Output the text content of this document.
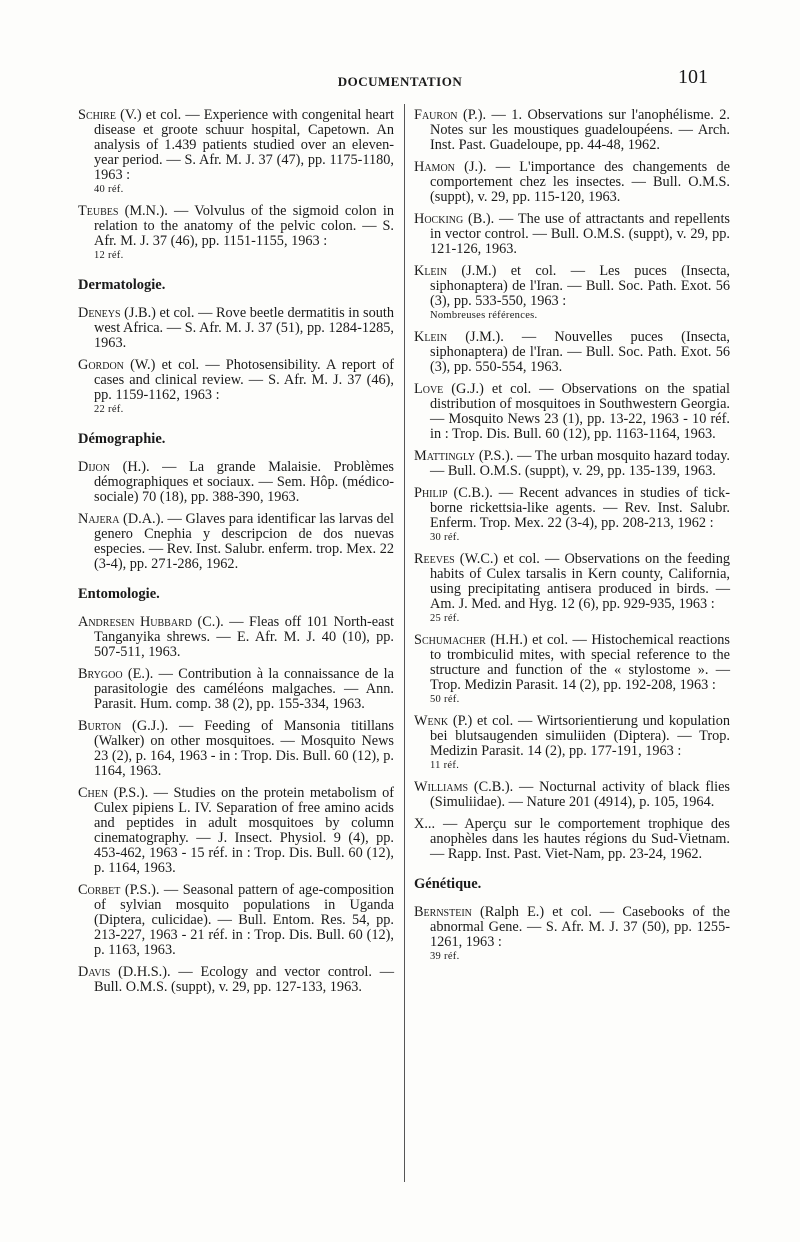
DOCUMENTATION	101
Schire (V.) et col. — Experience with congenital heart disease et groote schuur hospital, Capetown. An analysis of 1.439 patients studied over an eleven-year period. — S. Afr. M. J. 37 (47), pp. 1175-1180, 1963 :
40 réf.
Teubes (M.N.). — Volvulus of the sigmoid colon in relation to the anatomy of the pelvic colon. — S. Afr. M. J. 37 (46), pp. 1151-1155, 1963 :
12 réf.
Dermatologie.
Deneys (J.B.) et col. — Rove beetle dermatitis in south west Africa. — S. Afr. M. J. 37 (51), pp. 1284-1285, 1963.
Gordon (W.) et col. — Photosensibility. A report of cases and clinical review. — S. Afr. M. J. 37 (46), pp. 1159-1162, 1963 :
22 réf.
Démographie.
Dijon (H.). — La grande Malaisie. Problèmes démographiques et sociaux. — Sem. Hôp. (médico-sociale) 70 (18), pp. 388-390, 1963.
Najera (D.A.). — Glaves para identificar las larvas del genero Cnephia y descripcion de dos nuevas especies. — Rev. Inst. Salubr. enferm. trop. Mex. 22 (3-4), pp. 271-286, 1962.
Entomologie.
Andresen Hubbard (C.). — Fleas off 101 North-east Tanganyika shrews. — E. Afr. M. J. 40 (10), pp. 507-511, 1963.
Brygoo (E.). — Contribution à la connaissance de la parasitologie des caméléons malgaches. — Ann. Parasit. Hum. comp. 38 (2), pp. 155-334, 1963.
Burton (G.J.). — Feeding of Mansonia titillans (Walker) on other mosquitoes. — Mosquito News 23 (2), p. 164, 1963 - in : Trop. Dis. Bull. 60 (12), p. 1164, 1963.
Chen (P.S.). — Studies on the protein metabolism of Culex pipiens L. IV. Separation of free amino acids and peptides in adult mosquitoes by column cinematography. — J. Insect. Physiol. 9 (4), pp. 453-462, 1963 - 15 réf. in : Trop. Dis. Bull. 60 (12), p. 1164, 1963.
Corbet (P.S.). — Seasonal pattern of age-composition of sylvian mosquito populations in Uganda (Diptera, culicidae). — Bull. Entom. Res. 54, pp. 213-227, 1963 - 21 réf. in : Trop. Dis. Bull. 60 (12), p. 1163, 1963.
Davis (D.H.S.). — Ecology and vector control. — Bull. O.M.S. (suppt), v. 29, pp. 127-133, 1963.
Fauron (P.). — 1. Observations sur l'anophélisme. 2. Notes sur les moustiques guadeloupéens. — Arch. Inst. Past. Guadeloupe, pp. 44-48, 1962.
Hamon (J.). — L'importance des changements de comportement chez les insectes. — Bull. O.M.S. (suppt), v. 29, pp. 115-120, 1963.
Hocking (B.). — The use of attractants and repellents in vector control. — Bull. O.M.S. (suppt), v. 29, pp. 121-126, 1963.
Klein (J.M.) et col. — Les puces (Insecta, siphonaptera) de l'Iran. — Bull. Soc. Path. Exot. 56 (3), pp. 533-550, 1963 :
Nombreuses références.
Klein (J.M.). — Nouvelles puces (Insecta, siphonaptera) de l'Iran. — Bull. Soc. Path. Exot. 56 (3), pp. 550-554, 1963.
Love (G.J.) et col. — Observations on the spatial distribution of mosquitoes in Southwestern Georgia. — Mosquito News 23 (1), pp. 13-22, 1963 - 10 réf. in : Trop. Dis. Bull. 60 (12), pp. 1163-1164, 1963.
Mattingly (P.S.). — The urban mosquito hazard today. — Bull. O.M.S. (suppt), v. 29, pp. 135-139, 1963.
Philip (C.B.). — Recent advances in studies of tick-borne rickettsia-like agents. — Rev. Inst. Salubr. Enferm. Trop. Mex. 22 (3-4), pp. 208-213, 1962 :
30 réf.
Reeves (W.C.) et col. — Observations on the feeding habits of Culex tarsalis in Kern county, California, using precipitating antisera produced in birds. — Am. J. Med. and Hyg. 12 (6), pp. 929-935, 1963 :
25 réf.
Schumacher (H.H.) et col. — Histochemical reactions to trombiculid mites, with special reference to the structure and function of the « stylostome ». — Trop. Medizin Parasit. 14 (2), pp. 192-208, 1963 :
50 réf.
Wenk (P.) et col. — Wirtsorientierung und kopulation bei blutsaugenden simuliiden (Diptera). — Trop. Medizin Parasit. 14 (2), pp. 177-191, 1963 :
11 réf.
Williams (C.B.). — Nocturnal activity of black flies (Simuliidae). — Nature 201 (4914), p. 105, 1964.
X... — Aperçu sur le comportement trophique des anophèles dans les hautes régions du Sud-Vietnam. — Rapp. Inst. Past. Viet-Nam, pp. 23-24, 1962.
Génétique.
Bernstein (Ralph E.) et col. — Casebooks of the abnormal Gene. — S. Afr. M. J. 37 (50), pp. 1255-1261, 1963 :
39 réf.
